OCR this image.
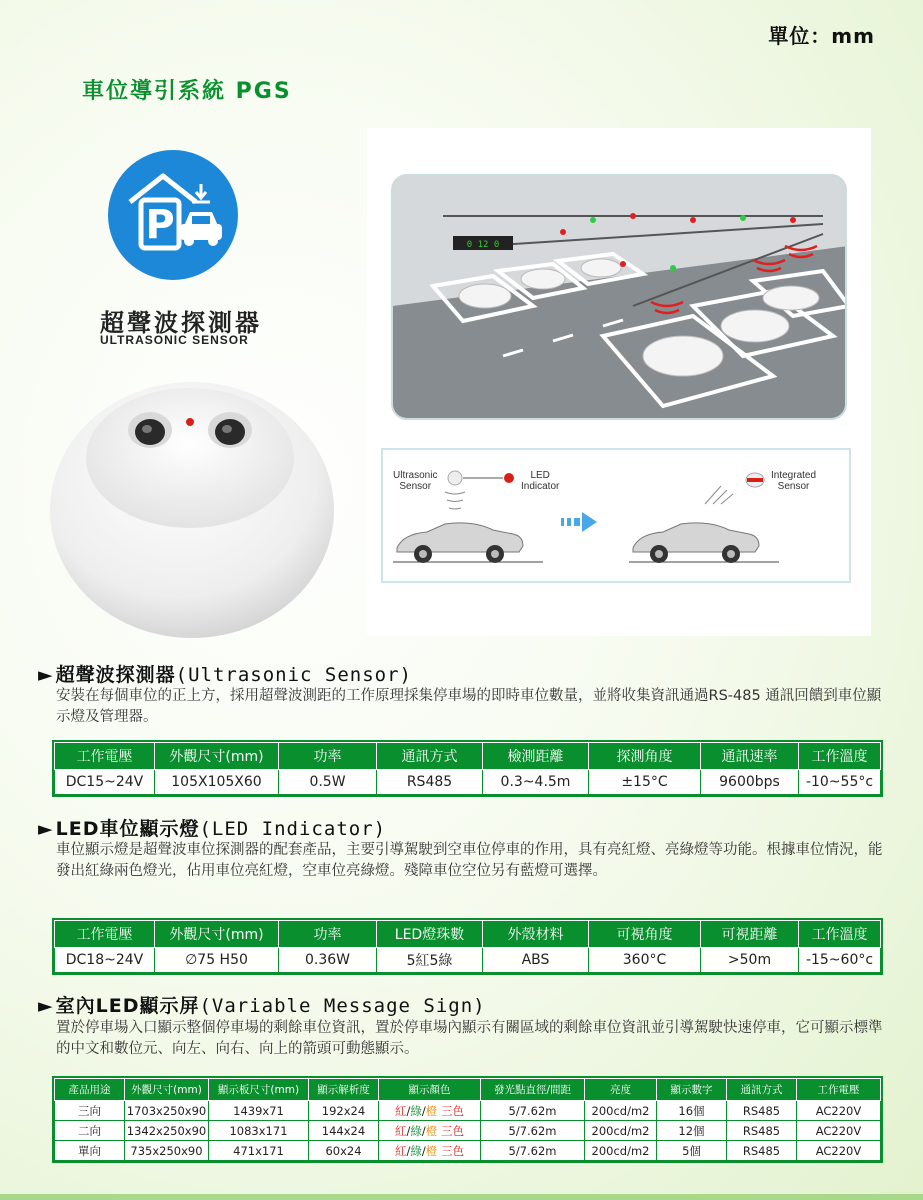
單位：mm
車位導引系統 PGS
P
超聲波探測器
ULTRASONIC SENSOR
0 12 0
Ultrasonic
Sensor
LED
Indicator
Integrated
Sensor
► 超聲波探測器(Ultrasonic Sensor)
安裝在每個車位的正上方，採用超聲波測距的工作原理採集停車場的即時車位數量，並將收集資訊通過RS-485 通訊回饋到車位顯示燈及管理器。
工作電壓	外觀尺寸(mm)	功率	通訊方式	檢測距離	探測角度	通訊速率	工作溫度
DC15~24V	105X105X60	0.5W	RS485	0.3~4.5m	±15°C	9600bps	-10~55°c
► LED車位顯示燈(LED Indicator)
車位顯示燈是超聲波車位探測器的配套產品，主要引導駕駛到空車位停車的作用，具有亮紅燈、亮綠燈等功能。根據車位情況，能發出紅綠兩色燈光，佔用車位亮紅燈，空車位亮綠燈。殘障車位空位另有藍燈可選擇。
工作電壓	外觀尺寸(mm)	功率	LED燈珠數	外殼材料	可視角度	可視距離	工作溫度
DC18~24V	∅75 H50	0.36W	5紅5綠	ABS	360°C	>50m	-15~60°c
► 室內LED顯示屏(Variable Message Sign)
置於停車場入口顯示整個停車場的剩餘車位資訊，置於停車場內顯示有關區域的剩餘車位資訊並引導駕駛快速停車，它可顯示標準的中文和數位元、向左、向右、向上的箭頭可動態顯示。
產品用途	外觀尺寸(mm)	顯示板尺寸(mm)	顯示解析度	顯示顏色	發光點直徑/間距	亮度	顯示數字	通訊方式	工作電壓
三向	1703x250x90	1439x71	192x24	紅/綠/橙 三色	5/7.62m	200cd/m2	16個	RS485	AC220V
二向	1342x250x90	1083x171	144x24	紅/綠/橙 三色	5/7.62m	200cd/m2	12個	RS485	AC220V
單向	735x250x90	471x171	60x24	紅/綠/橙 三色	5/7.62m	200cd/m2	5個	RS485	AC220V
